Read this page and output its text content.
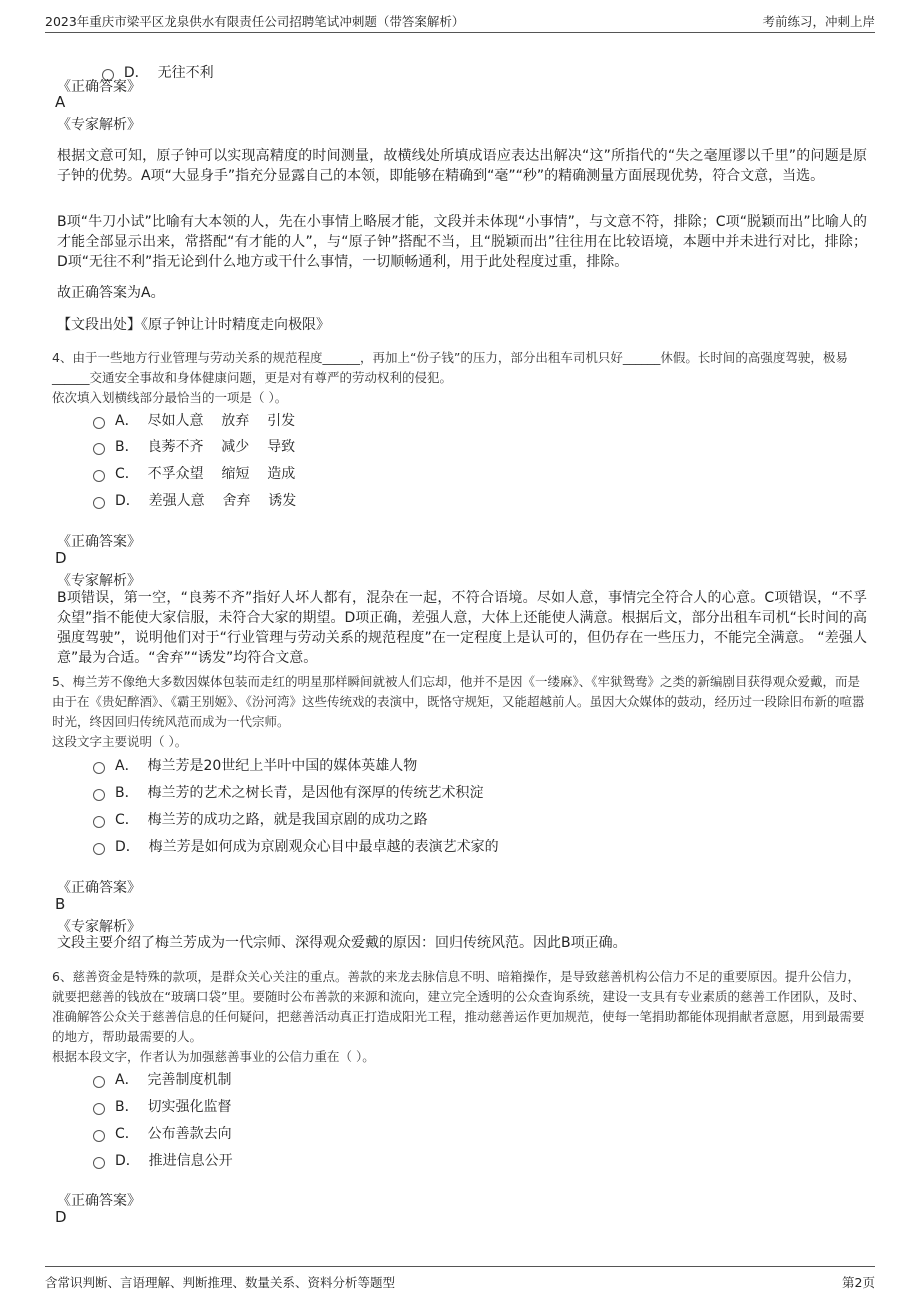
2023年重庆市梁平区龙泉供水有限责任公司招聘笔试冲刺题（带答案解析）	考前练习，冲刺上岸

D．  无往不利

《正确答案》
A
《专家解析》
根据文意可知，原子钟可以实现高精度的时间测量，故横线处所填成语应表达出解决“这”所指代的“失之毫厘谬以千里”的问题是原子钟的优势。A项“大显身手”指充分显露自己的本领，即能够在精确到“毫”“秒”的精确测量方面展现优势，符合文意，当选。
B项“牛刀小试”比喻有大本领的人，先在小事情上略展才能，文段并未体现“小事情”，与文意不符，排除；C项“脱颖而出”比喻人的才能全部显示出来，常搭配“有才能的人”，与“原子钟”搭配不当，且“脱颖而出”往往用在比较语境，本题中并未进行对比，排除；D项“无往不利”指无论到什么地方或干什么事情，一切顺畅通利，用于此处程度过重，排除。
故正确答案为A。
【文段出处】《原子钟让计时精度走向极限》
4、由于一些地方行业管理与劳动关系的规范程度______，再加上“份子钱”的压力，部分出租车司机只好______休假。长时间的高强度驾驶，极易______交通安全事故和身体健康问题，更是对有尊严的劳动权利的侵犯。
依次填入划横线部分最恰当的一项是（ ）。
A．  尽如人意    放弃    引发
B．  良莠不齐    减少    导致
C．  不孚众望    缩短    造成
D．  差强人意    舍弃    诱发
《正确答案》
D
《专家解析》
B项错误，第一空，“良莠不齐”指好人坏人都有，混杂在一起，不符合语境。尽如人意，事情完全符合人的心意。C项错误，“不孚众望”指不能使大家信服，未符合大家的期望。D项正确，差强人意，大体上还能使人满意。根据后文，部分出租车司机“长时间的高强度驾驶”，说明他们对于“行业管理与劳动关系的规范程度”在一定程度上是认可的，但仍存在一些压力，不能完全满意。 “差强人意”最为合适。“舍弃”“诱发”均符合文意。
5、梅兰芳不像绝大多数因媒体包装而走红的明星那样瞬间就被人们忘却，他并不是因《一缕麻》、《牢狱鸳鸯》之类的新编剧目获得观众爱戴，而是由于在《贵妃醉酒》、《霸王别姬》、《汾河湾》这些传统戏的表演中，既恪守规矩，又能超越前人。虽因大众媒体的鼓动，经历过一段除旧布新的喧嚣时光，终因回归传统风范而成为一代宗师。
这段文字主要说明（ ）。
A．  梅兰芳是20世纪上半叶中国的媒体英雄人物
B．  梅兰芳的艺术之树长青，是因他有深厚的传统艺术积淀
C．  梅兰芳的成功之路，就是我国京剧的成功之路
D．  梅兰芳是如何成为京剧观众心目中最卓越的表演艺术家的
《正确答案》
B
《专家解析》
文段主要介绍了梅兰芳成为一代宗师、深得观众爱戴的原因：回归传统风范。因此B项正确。
6、慈善资金是特殊的款项，是群众关心关注的重点。善款的来龙去脉信息不明、暗箱操作，是导致慈善机构公信力不足的重要原因。提升公信力，就要把慈善的钱放在“玻璃口袋”里。要随时公布善款的来源和流向，建立完全透明的公众查询系统，建设一支具有专业素质的慈善工作团队，及时、准确解答公众关于慈善信息的任何疑问，把慈善活动真正打造成阳光工程，推动慈善运作更加规范，使每一笔捐助都能体现捐献者意愿，用到最需要的地方，帮助最需要的人。
根据本段文字，作者认为加强慈善事业的公信力重在（ ）。
A．  完善制度机制
B．  切实强化监督
C．  公布善款去向
D．  推进信息公开
《正确答案》
D
含常识判断、言语理解、判断推理、数量关系、资料分析等题型	第2页
